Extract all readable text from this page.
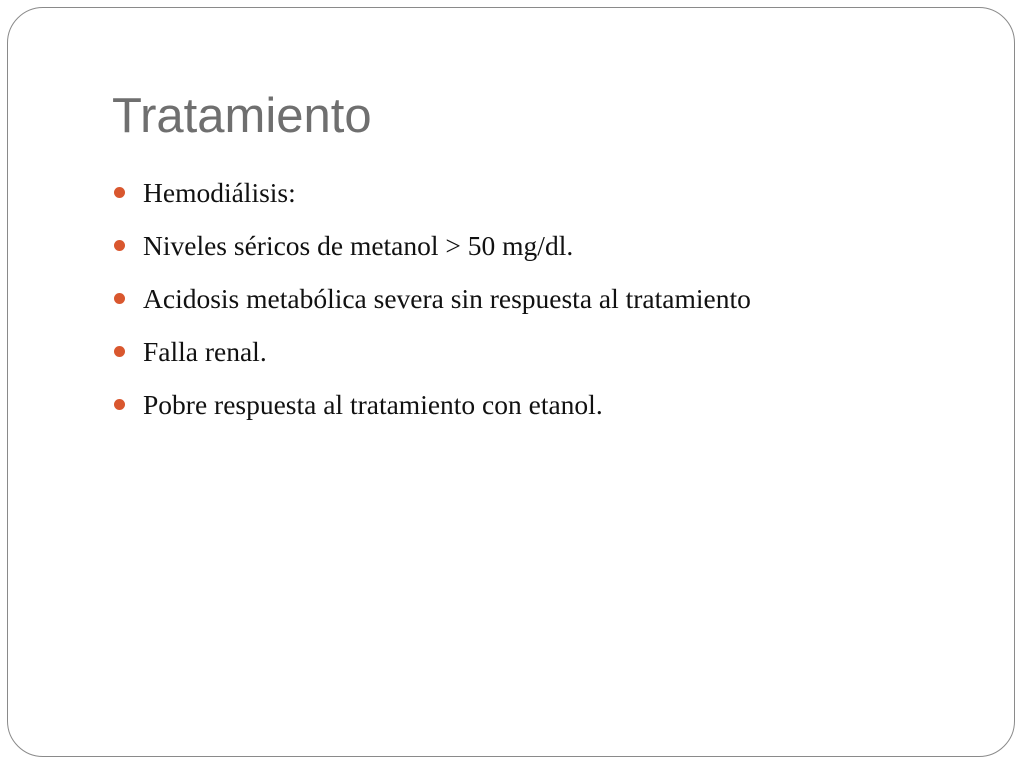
Tratamiento
Hemodiálisis:
Niveles séricos de metanol > 50 mg/dl.
Acidosis metabólica severa sin respuesta al tratamiento
Falla renal.
Pobre respuesta al tratamiento con etanol.
